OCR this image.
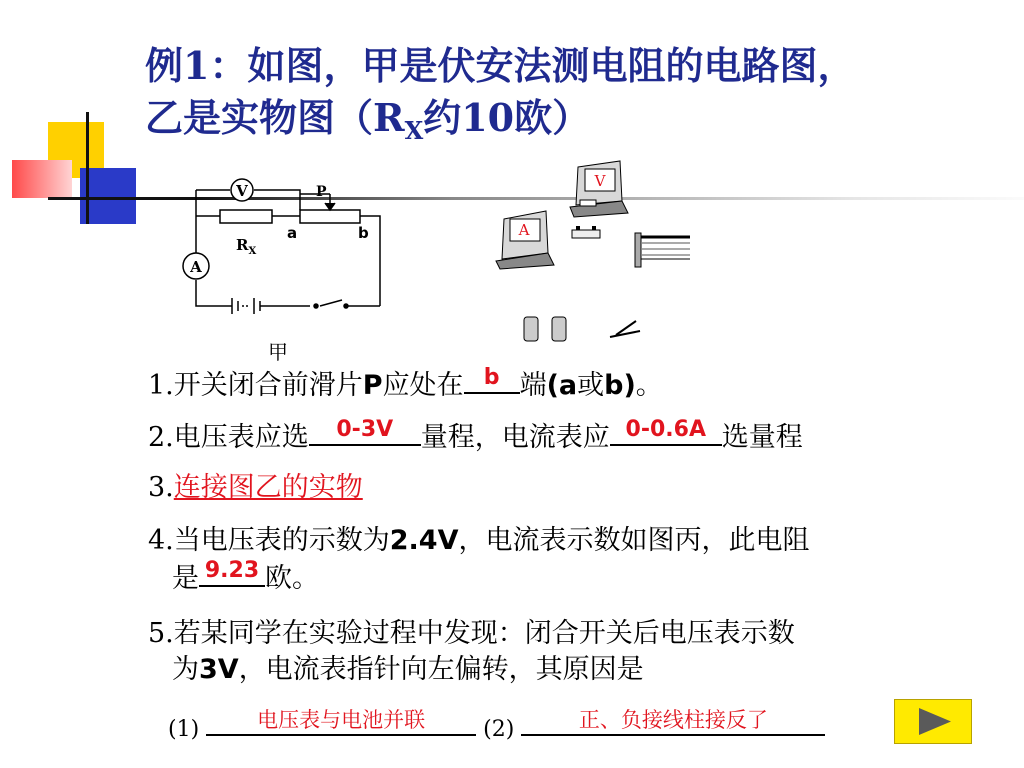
例1：如图，甲是伏安法测电阻的电路图，
乙是实物图（$R_X$约10欧）
V
A
P
a	b
$R_X$
甲
V
A
1.开关闭合前滑片P应处在 b 端(a或b)。
2.电压表应选	0-3V	量程，电流表应 0-0.6A 选量程
3.连接图乙的实物
4.当电压表的示数为2.4V，电流表示数如图丙，此电阻
是 9.23 欧。
5.若某同学在实验过程中发现：闭合开关后电压表示数
为3V，电流表指针向左偏转，其原因是
(1)	电压表与电池并联	(2)	正、负接线柱接反了
